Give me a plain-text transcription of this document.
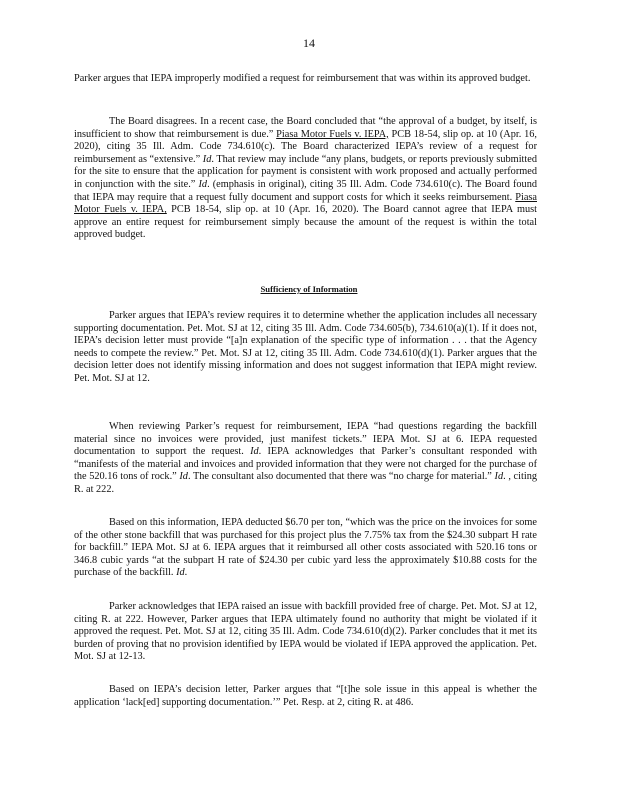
14

Parker argues that IEPA improperly modified a request for reimbursement that was within its approved budget.

The Board disagrees. In a recent case, the Board concluded that “the approval of a budget, by itself, is insufficient to show that reimbursement is due.” Piasa Motor Fuels v. IEPA, PCB 18-54, slip op. at 10 (Apr. 16, 2020), citing 35 Ill. Adm. Code 734.610(c). The Board characterized IEPA’s review of a request for reimbursement as “extensive.” Id. That review may include “any plans, budgets, or reports previously submitted for the site to ensure that the application for payment is consistent with work proposed and actually performed in conjunction with the site.” Id. (emphasis in original), citing 35 Ill. Adm. Code 734.610(c). The Board found that IEPA may require that a request fully document and support costs for which it seeks reimbursement. Piasa Motor Fuels v. IEPA, PCB 18-54, slip op. at 10 (Apr. 16, 2020). The Board cannot agree that IEPA must approve an entire request for reimbursement simply because the amount of the request is within the total approved budget.

Sufficiency of Information

Parker argues that IEPA’s review requires it to determine whether the application includes all necessary supporting documentation. Pet. Mot. SJ at 12, citing 35 Ill. Adm. Code 734.605(b), 734.610(a)(1). If it does not, IEPA’s decision letter must provide “[a]n explanation of the specific type of information . . . that the Agency needs to compete the review.” Pet. Mot. SJ at 12, citing 35 Ill. Adm. Code 734.610(d)(1). Parker argues that the decision letter does not identify missing information and does not suggest information that IEPA might review. Pet. Mot. SJ at 12.

When reviewing Parker’s request for reimbursement, IEPA “had questions regarding the backfill material since no invoices were provided, just manifest tickets.” IEPA Mot. SJ at 6. IEPA requested documentation to support the request. Id. IEPA acknowledges that Parker’s consultant responded with “manifests of the material and invoices and provided information that they were not charged for the purchase of the 520.16 tons of rock.” Id. The consultant also documented that there was “no charge for material.” Id. , citing R. at 222.

Based on this information, IEPA deducted $6.70 per ton, “which was the price on the invoices for some of the other stone backfill that was purchased for this project plus the 7.75% tax from the $24.30 subpart H rate for backfill.” IEPA Mot. SJ at 6. IEPA argues that it reimbursed all other costs associated with 520.16 tons or 346.8 cubic yards “at the subpart H rate of $24.30 per cubic yard less the approximately $10.88 costs for the purchase of the backfill. Id.

Parker acknowledges that IEPA raised an issue with backfill provided free of charge. Pet. Mot. SJ at 12, citing R. at 222. However, Parker argues that IEPA ultimately found no authority that might be violated if it approved the request. Pet. Mot. SJ at 12, citing 35 Ill. Adm. Code 734.610(d)(2). Parker concludes that it met its burden of proving that no provision identified by IEPA would be violated if IEPA approved the application. Pet. Mot. SJ at 12-13.

Based on IEPA’s decision letter, Parker argues that “[t]he sole issue in this appeal is whether the application ‘lack[ed] supporting documentation.’” Pet. Resp. at 2, citing R. at 486.
